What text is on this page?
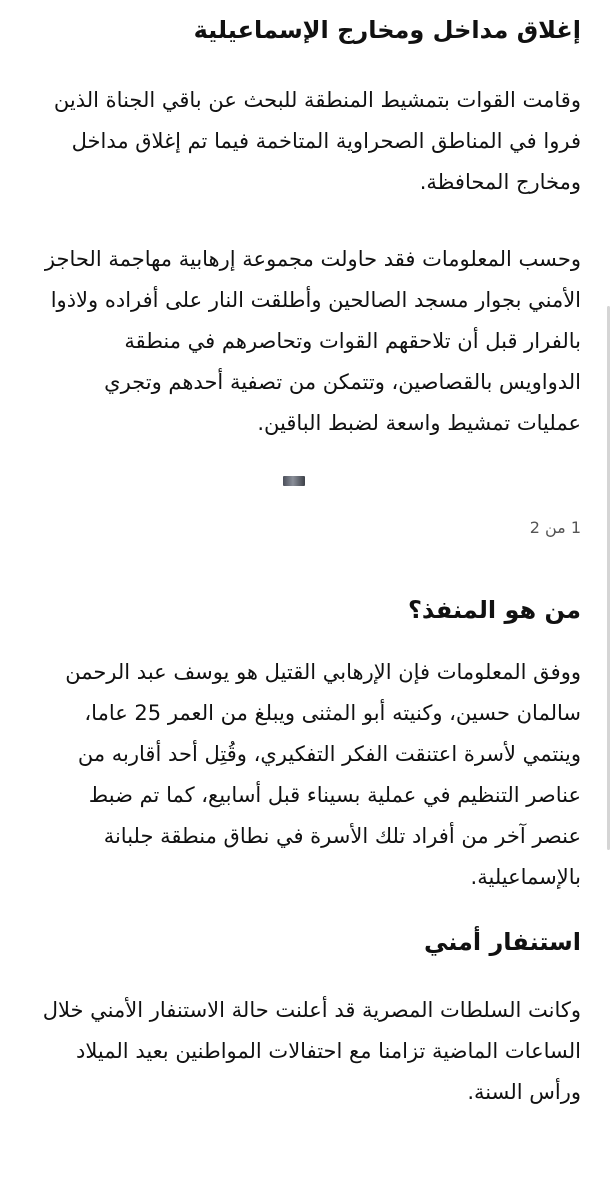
إغلاق مداخل ومخارج الإسماعيلية

وقامت القوات بتمشيط المنطقة للبحث عن باقي الجناة الذين فروا في المناطق الصحراوية المتاخمة فيما تم إغلاق مداخل ومخارج المحافظة.

وحسب المعلومات فقد حاولت مجموعة إرهابية مهاجمة الحاجز الأمني بجوار مسجد الصالحين وأطلقت النار على أفراده ولاذوا بالفرار قبل أن تلاحقهم القوات وتحاصرهم في منطقة الدواويس بالقصاصين، وتتمكن من تصفية أحدهم وتجري عمليات تمشيط واسعة لضبط الباقين.

1 من 2

من هو المنفذ؟

ووفق المعلومات فإن الإرهابي القتيل هو يوسف عبد الرحمن سالمان حسين، وكنيته أبو المثنى ويبلغ من العمر 25 عاما، وينتمي لأسرة اعتنقت الفكر التفكيري، وقُتِل أحد أقاربه من عناصر التنظيم في عملية بسيناء قبل أسابيع، كما تم ضبط عنصر آخر من أفراد تلك الأسرة في نطاق منطقة جلبانة بالإسماعيلية.

استنفار أمني

وكانت السلطات المصرية قد أعلنت حالة الاستنفار الأمني خلال الساعات الماضية تزامنا مع احتفالات المواطنين بعيد الميلاد ورأس السنة.
